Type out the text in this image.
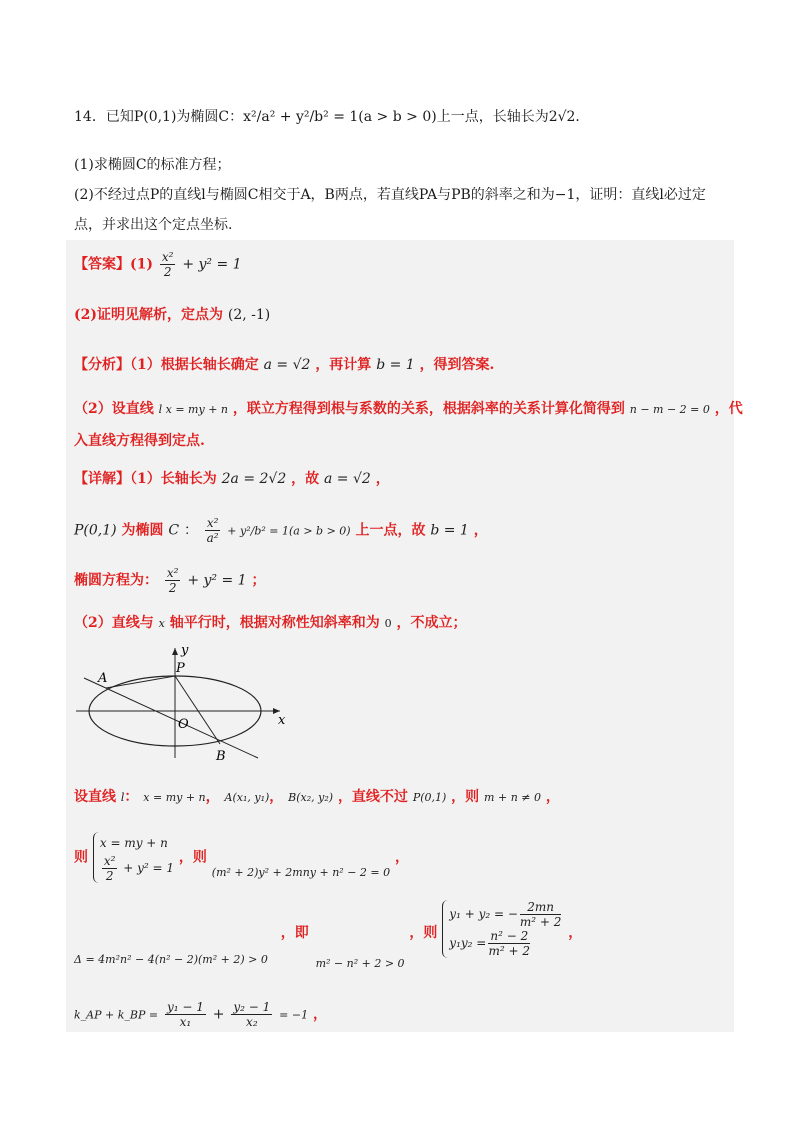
14．已知P(0,1)为椭圆C：x²/a² + y²/b² = 1(a > b > 0)上一点，长轴长为2√2．
(1)求椭圆C的标准方程；
(2)不经过点P的直线l与椭圆C相交于A，B两点，若直线PA与PB的斜率之和为−1，证明：直线l必过定
点，并求出这个定点坐标.
【答案】$(1) \frac{\text{x²}}{2} + y^2 = 1$
(2)证明见解析，定点为 (2, -1)
【分析】（1）根据长轴长确定 a = √2 ，再计算 b = 1 ，得到答案.
（2）设直线 l x = my + n ，联立方程得到根与系数的关系，根据斜率的关系计算化简得到 n − m − 2 = 0 ，代
入直线方程得到定点.
【详解】（1）长轴长为 2a = 2√2 ，故 a = √2 ，
P(0,1) 为椭圆 C ： $\frac{\text{x²}}{\text{a²}} + y^2/b^2 = 1(a > b > 0)$ 上一点，故 b = 1 ，
椭圆方程为： $\frac{\text{x²}}{2} + y^2 = 1$ ；
（2）直线与 x 轴平行时，根据对称性知斜率和为 0 ，不成立；
y
x
P
A
O
B
设直线 l： x = my + n， A(x₁, y₁)， B(x₂, y₂) ，直线不过 P(0,1) ，则 m + n ≠ 0 ，
则
x = my + n
$\frac{\text{x²}}{2} + y^2 = 1$
，则 $_{(m^2 + 2)y^2 + 2mny + n^2 - 2 = 0}$ ，
$_{\Delta = 4m^2n^2 - 4(n^2 - 2)(m^2 + 2) > 0}$ ，即 $_{m^2 - n^2 + 2 > 0}$ ，则
y₁ + y₂ = − $\frac{2mn}{\text{m² + 2}}$
$y_1y_2 = \frac{\text{n² − 2}}{\text{m² + 2}}$	，
k_AP + k_BP = $\frac{\text{y₁ − 1}}{\text{x₁}} + \frac{\text{y₂ − 1}}{\text{x₂}} = -1$ ，
